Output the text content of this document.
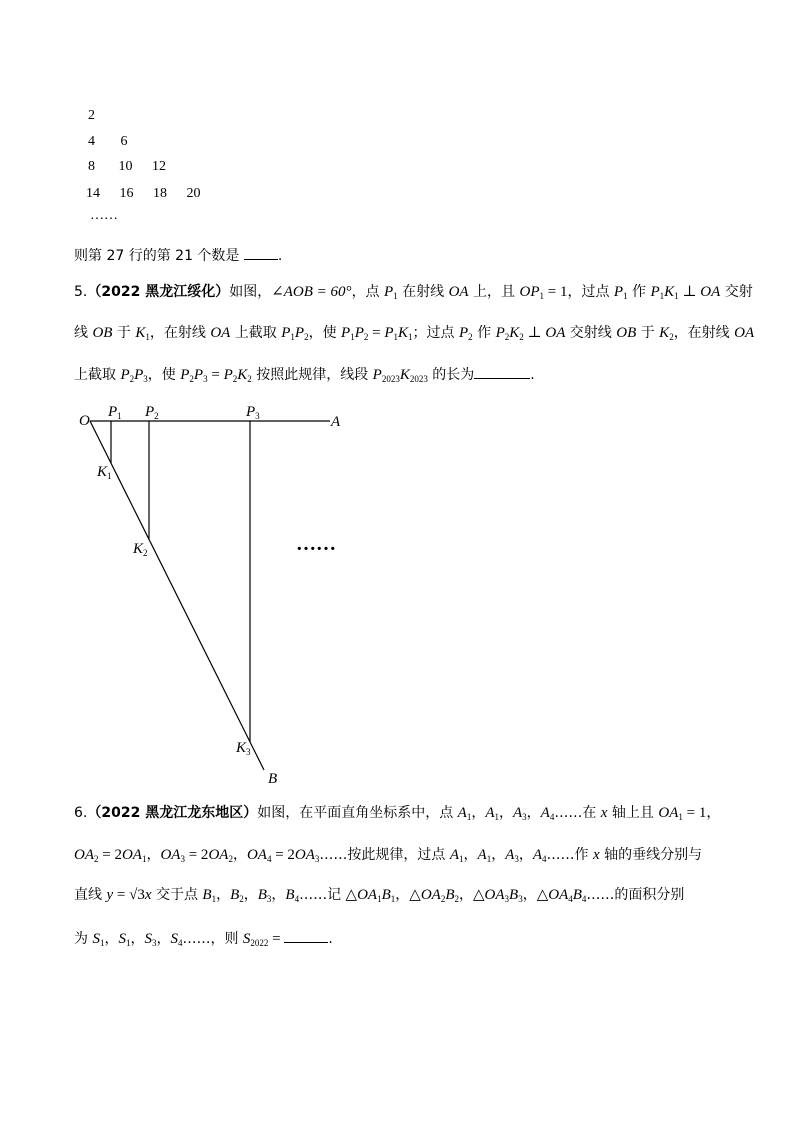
2
4 6
8 10 12
14 16 18 20
……
则第 27 行的第 21 个数是 .
5.（2022 黑龙江绥化）如图，∠AOB = 60°，点 $P_1$ 在射线 OA 上，且 $OP_1 = 1$，过点 $P_1$ 作 $P_1K_1$ ⊥ OA 交射
线 OB 于 $K_1$，在射线 OA 上截取 $P_1P_2$，使 $P_1P_2 = P_1K_1$；过点 $P_2$ 作 $P_2K_2$ ⊥ OA 交射线 OB 于 $K_2$，在射线 OA
上截取 $P_2P_3$，使 $P_2P_3 = P_2K_2$ 按照此规律，线段 $P_{2023}K_{2023}$ 的长为	.
O	A
B
$P_1$ $P_2$	$P_3$
$K_1$
$K_2$
$K_3$
……
6.（2022 黑龙江龙东地区）如图，在平面直角坐标系中，点 $A_1$，$A_1$，$A_3$，$A_4\dots\dots$在 x 轴上且 $OA_1 = 1$，
$OA_2 = 2OA_1$，$OA_3 = 2OA_2$，$OA_4$ = $2OA_3\dots\dots$按此规律，过点 $A_1$，$A_1$，$A_3$，$A_4\dots\dots$作 x 轴的垂线分别与
直线 y = √3x 交于点 $B_1$，$B_2$，$B_3$，$B_4\dots\dots$记 $\triangle OA_1B_1$，$\triangle OA_2B_2$，$\triangle OA_3B_3$，$\triangle OA_4B_4\dots\dots$的面积分别
为 $S_1$，$S_1$，$S_3$，$S_4\dots\dots$，则 $S_{2022}$ =	.
